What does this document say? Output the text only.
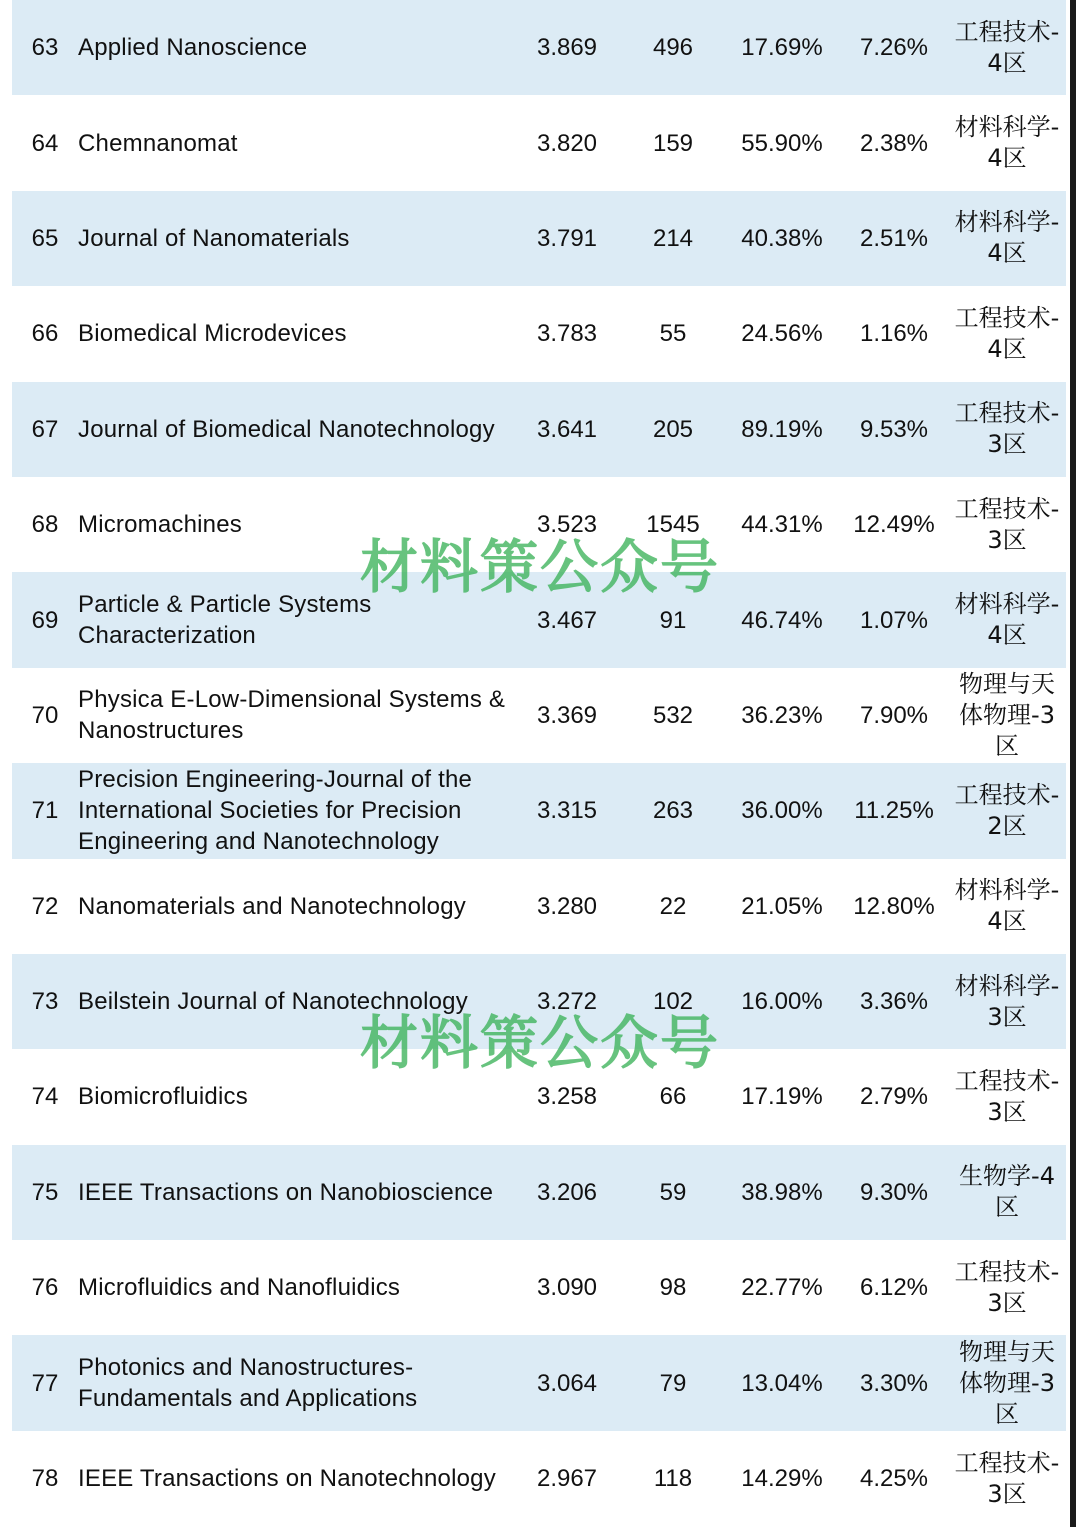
63	Applied Nanoscience	3.869	496	17.69%	7.26%	工程技术-4区
64	Chemnanomat	3.820	159	55.90%	2.38%	材料科学-4区
65	Journal of Nanomaterials	3.791	214	40.38%	2.51%	材料科学-4区
66	Biomedical Microdevices	3.783	55	24.56%	1.16%	工程技术-4区
67	Journal of Biomedical Nanotechnology	3.641	205	89.19%	9.53%	工程技术-3区
68	Micromachines	3.523	1545	44.31%	12.49%	工程技术-3区
69	Particle & Particle Systems Characterization	3.467	91	46.74%	1.07%	材料科学-4区
70	Physica E-Low-Dimensional Systems & Nanostructures	3.369	532	36.23%	7.90%	物理与天体物理-3区
71	Precision Engineering-Journal of the International Societies for Precision Engineering and Nanotechnology	3.315	263	36.00%	11.25%	工程技术-2区
72	Nanomaterials and Nanotechnology	3.280	22	21.05%	12.80%	材料科学-4区
73	Beilstein Journal of Nanotechnology	3.272	102	16.00%	3.36%	材料科学-3区
74	Biomicrofluidics	3.258	66	17.19%	2.79%	工程技术-3区
75	IEEE Transactions on Nanobioscience	3.206	59	38.98%	9.30%	生物学-4区
76	Microfluidics and Nanofluidics	3.090	98	22.77%	6.12%	工程技术-3区
77	Photonics and Nanostructures-Fundamentals and Applications	3.064	79	13.04%	3.30%	物理与天体物理-3区
78	IEEE Transactions on Nanotechnology	2.967	118	14.29%	4.25%	工程技术-3区
材料策公众号
材料策公众号
